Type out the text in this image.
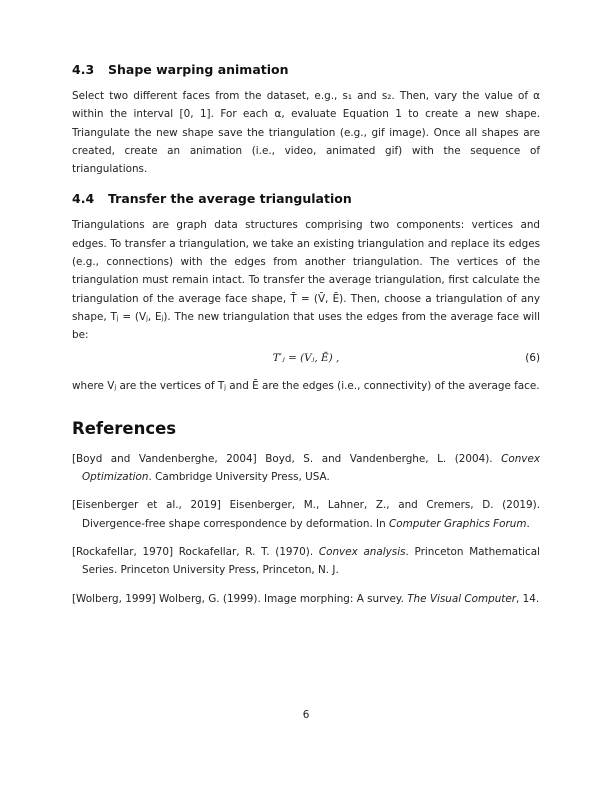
4.3 Shape warping animation

Select two different faces from the dataset, e.g., s₁ and s₂. Then, vary the value of α within the interval [0, 1]. For each α, evaluate Equation 1 to create a new shape. Triangulate the new shape save the triangulation (e.g., gif image). Once all shapes are created, create an animation (i.e., video, animated gif) with the sequence of triangulations.

4.4 Transfer the average triangulation

Triangulations are graph data structures comprising two components: vertices and edges. To transfer a triangulation, we take an existing triangulation and replace its edges (e.g., connections) with the edges from another triangulation. The vertices of the triangulation must remain intact. To transfer the average triangulation, first calculate the triangulation of the average face shape, T̄ = (V̄, Ē). Then, choose a triangulation of any shape, Tⱼ = (Vⱼ, Eⱼ). The new triangulation that uses the edges from the average face will be:

T′ⱼ = (Vⱼ, Ē) ,	(6)

where Vⱼ are the vertices of Tⱼ and Ē are the edges (i.e., connectivity) of the average face.

References
[Boyd and Vandenberghe, 2004] Boyd, S. and Vandenberghe, L. (2004). Convex Optimization. Cambridge University Press, USA.
[Eisenberger et al., 2019] Eisenberger, M., Lahner, Z., and Cremers, D. (2019). Divergence-free shape correspondence by deformation. In Computer Graphics Forum.
[Rockafellar, 1970] Rockafellar, R. T. (1970). Convex analysis. Princeton Mathematical Series. Princeton University Press, Princeton, N. J.
[Wolberg, 1999] Wolberg, G. (1999). Image morphing: A survey. The Visual Computer, 14.
6
